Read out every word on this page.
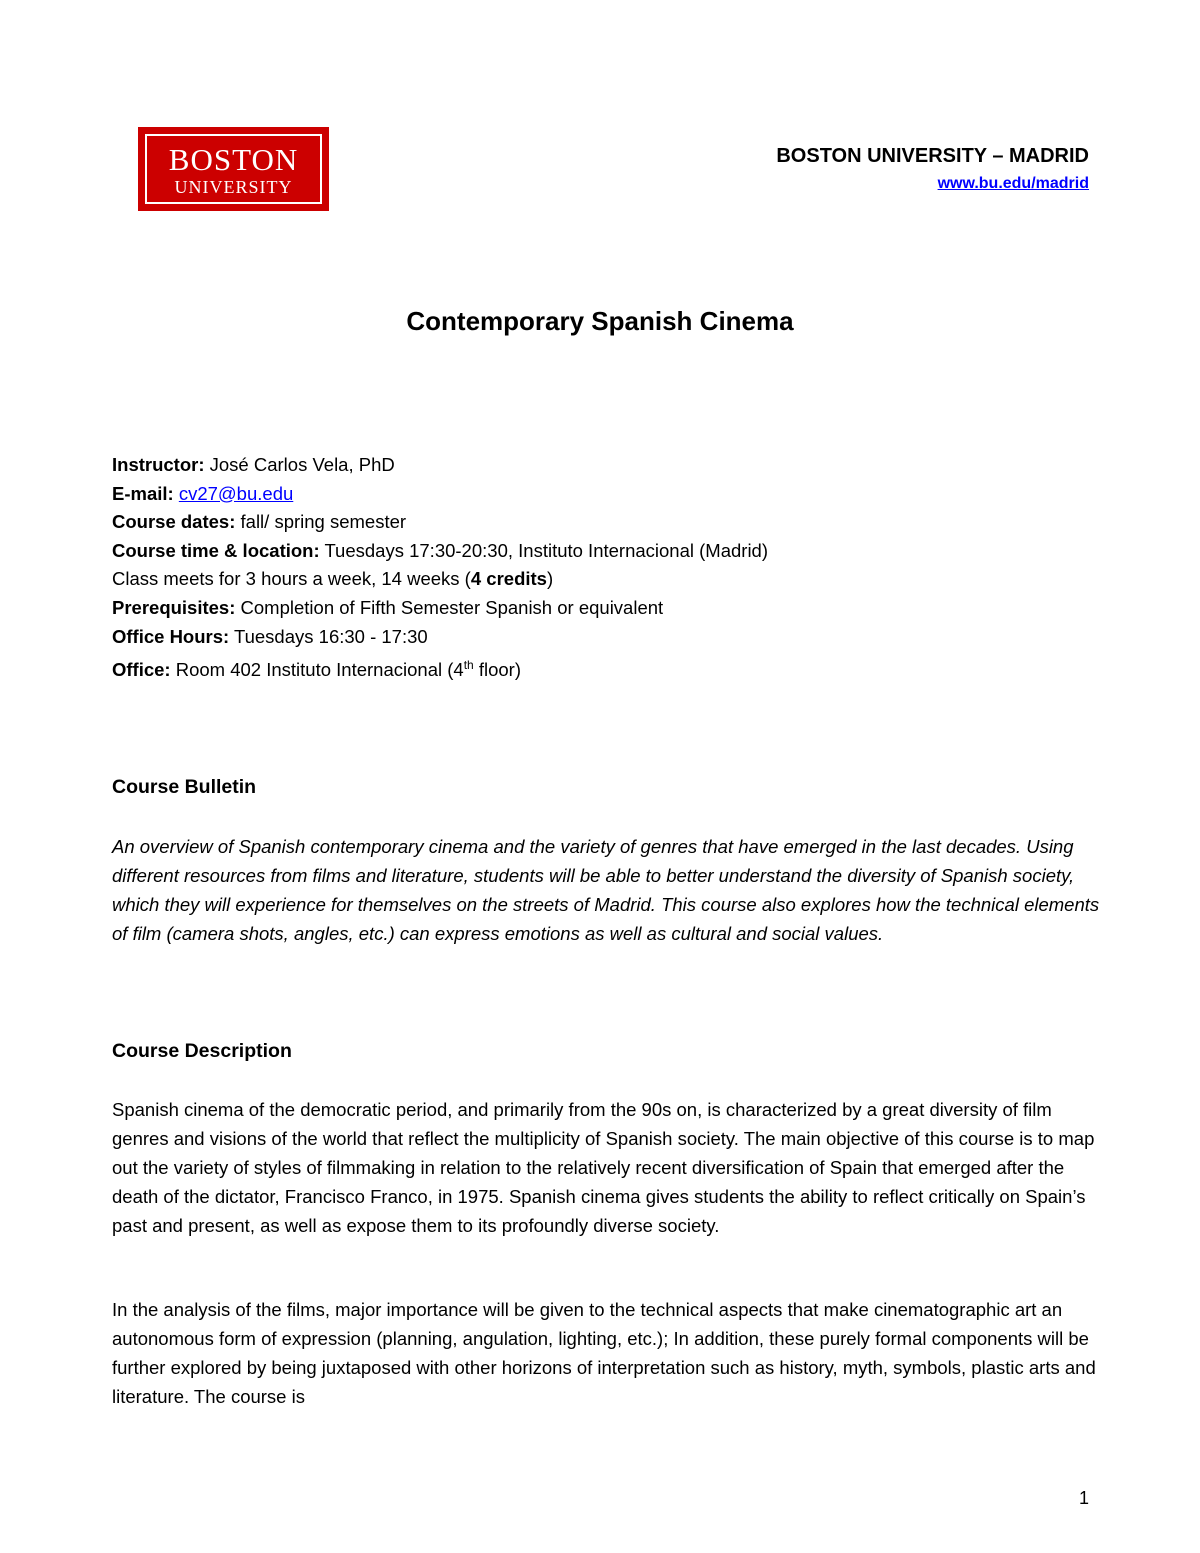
BOSTON
UNIVERSITY
BOSTON UNIVERSITY – MADRID
www.bu.edu/madrid
Contemporary Spanish Cinema
Instructor: José Carlos Vela, PhD
E-mail: cv27@bu.edu
Course dates: fall/ spring semester
Course time & location: Tuesdays 17:30-20:30, Instituto Internacional (Madrid)
Class meets for 3 hours a week, 14 weeks (4 credits)
Prerequisites: Completion of Fifth Semester Spanish or equivalent
Office Hours: Tuesdays 16:30 - 17:30
Office: Room 402 Instituto Internacional (4th floor)
Course Bulletin
An overview of Spanish contemporary cinema and the variety of genres that have emerged in the last decades. Using different resources from films and literature, students will be able to better understand the diversity of Spanish society, which they will experience for themselves on the streets of Madrid. This course also explores how the technical elements of film (camera shots, angles, etc.) can express emotions as well as cultural and social values.
Course Description
Spanish cinema of the democratic period, and primarily from the 90s on, is characterized by a great diversity of film genres and visions of the world that reflect the multiplicity of Spanish society. The main objective of this course is to map out the variety of styles of filmmaking in relation to the relatively recent diversification of Spain that emerged after the death of the dictator, Francisco Franco, in 1975. Spanish cinema gives students the ability to reflect critically on Spain’s past and present, as well as expose them to its profoundly diverse society.
In the analysis of the films, major importance will be given to the technical aspects that make cinematographic art an autonomous form of expression (planning, angulation, lighting, etc.); In addition, these purely formal components will be further explored by being juxtaposed with other horizons of interpretation such as history, myth, symbols, plastic arts and literature. The course is
1
